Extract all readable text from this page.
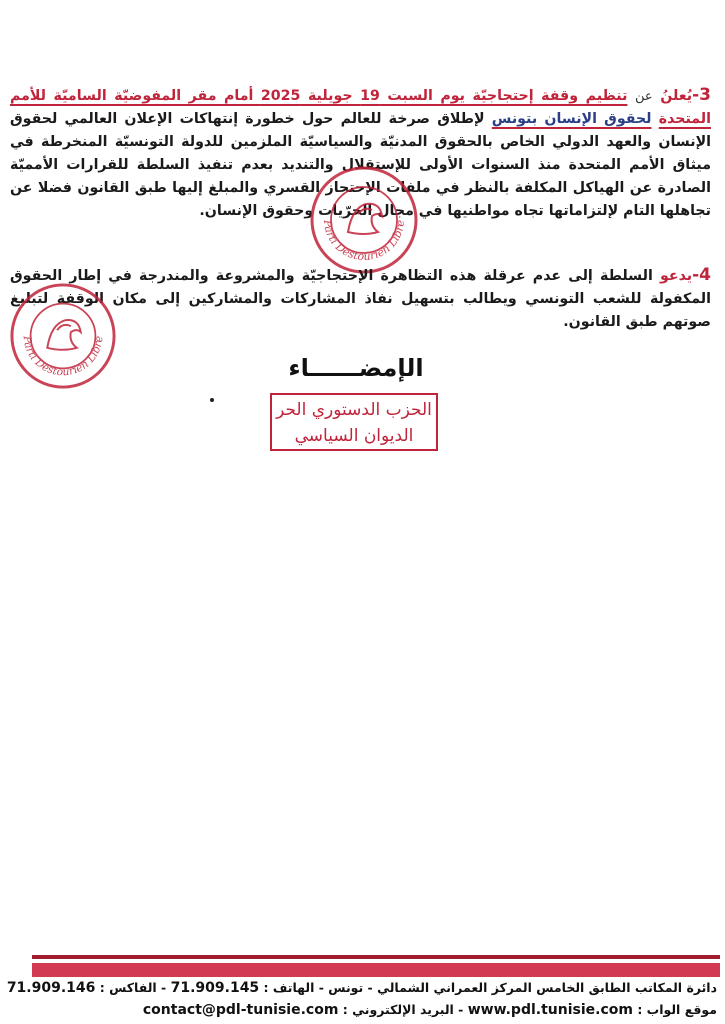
3-يُعلنُ عن تنظيم وقفة إحتجاجيّة يوم السبت 19 جويلية 2025 أمام مقر المفوضيّة الساميّة للأمم المتحدة لحقوق الإنسان بتونس لإطلاق صرخة للعالم حول خطورة إنتهاكات الإعلان العالمي لحقوق الإنسان والعهد الدولي الخاص بالحقوق المدنيّة والسياسيّة الملزمين للدولة التونسيّة المنخرطة في ميثاق الأمم المتحدة منذ السنوات الأولى للإستقلال والتنديد بعدم تنفيذ السلطة للقرارات الأمميّة الصادرة عن الهياكل المكلفة بالنظر في ملفات الإحتجاز القسري والمبلغ إليها طبق القانون فضلا عن تجاهلها التام لإلتزاماتها تجاه مواطنيها في مجال الحرّيات وحقوق الإنسان.
Parti Destourien Libre
4-يدعو السلطة إلى عدم عرقلة هذه التظاهرة الإحتجاجيّة والمشروعة والمندرجة في إطار الحقوق المكفولة للشعب التونسي ويطالب بتسهيل نفاذ المشاركات والمشاركين إلى مكان الوقفة لتبليغ صوتهم طبق القانون.
Parti Destourien Libre
الإمضــــــاء
الحزب الدستوري الحر
الديوان السياسي
دائرة المكاتب الطابق الخامس المركز العمراني الشمالي - تونس - الهاتف : 71.909.145 - الفاكس : 71.909.146
موقع الواب : www.pdl.tunisie.com - البريد الإلكتروني : contact@pdl-tunisie.com
